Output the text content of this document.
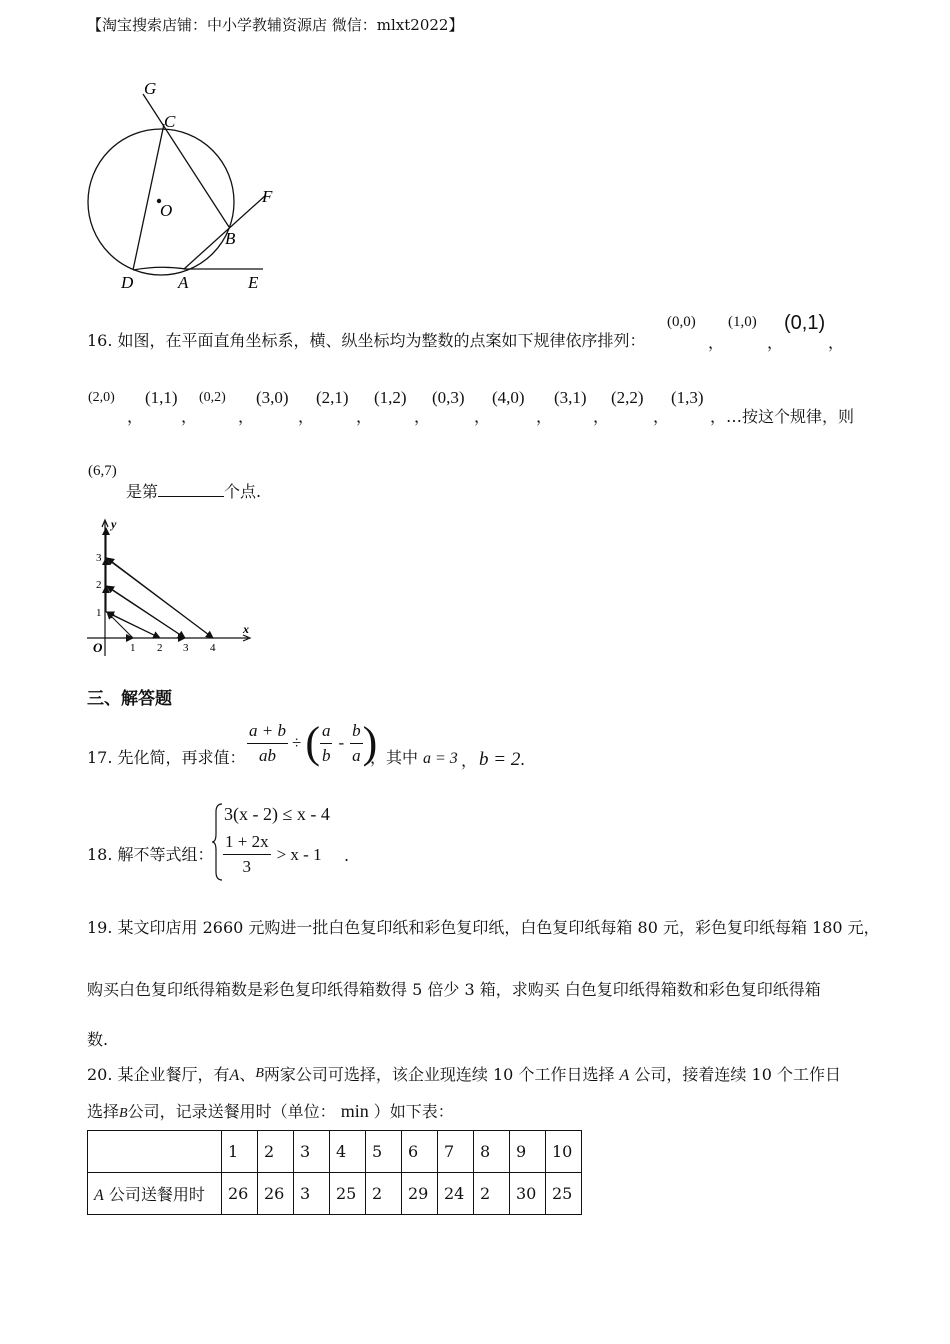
【淘宝搜索店铺：中小学教辅资源店 微信：mlxt2022】
G
C
O
F
B
D	A	E
16. 如图，在平面直角坐标系，横、纵坐标均为整数的点案如下规律依序排列：
(0,0)
，
(1,0)
，
(0,1)
，
(2,0)
，
(1,1)
，
(0,2)
，
(3,0)
，
(2,1)
，
(1,2)
，
(0,3)
，
(4,0)
，
(3,1)
，
(2,2)
，
(1,3)
，…按这个规律，则
(6,7)
是第	个点.
y
x
O
1
2
3
1 2 3 4
三、解答题
17. 先化简，再求值： $\frac{a + b}{ab}$ ÷ ( $\frac{a}{b} - \frac{b}{a}$ )
，其中 a = 3 ， b = 2 .
18. 解不等式组：
3(x - 2) ≤ x - 4
$\frac{1 + 2x}{3} > x - 1$ .
19. 某文印店用 2660 元购进一批白色复印纸和彩色复印纸，白色复印纸每箱 80 元，彩色复印纸每箱 180 元，
购买白色复印纸得箱数是彩色复印纸得箱数得 5 倍少 3 箱，求购买 白色复印纸得箱数和彩色复印纸得箱
数.
20. 某企业餐厅，有A、B两家公司可选择，该企业现连续 10 个工作日选择 A 公司，接着连续 10 个工作日
选择B公司，记录送餐用时（单位： min ）如下表：
	1	2	3	4	5	6	7	8	9	10
A 公司送餐用时	26	26	3	25	2	29	24	2	30	25
